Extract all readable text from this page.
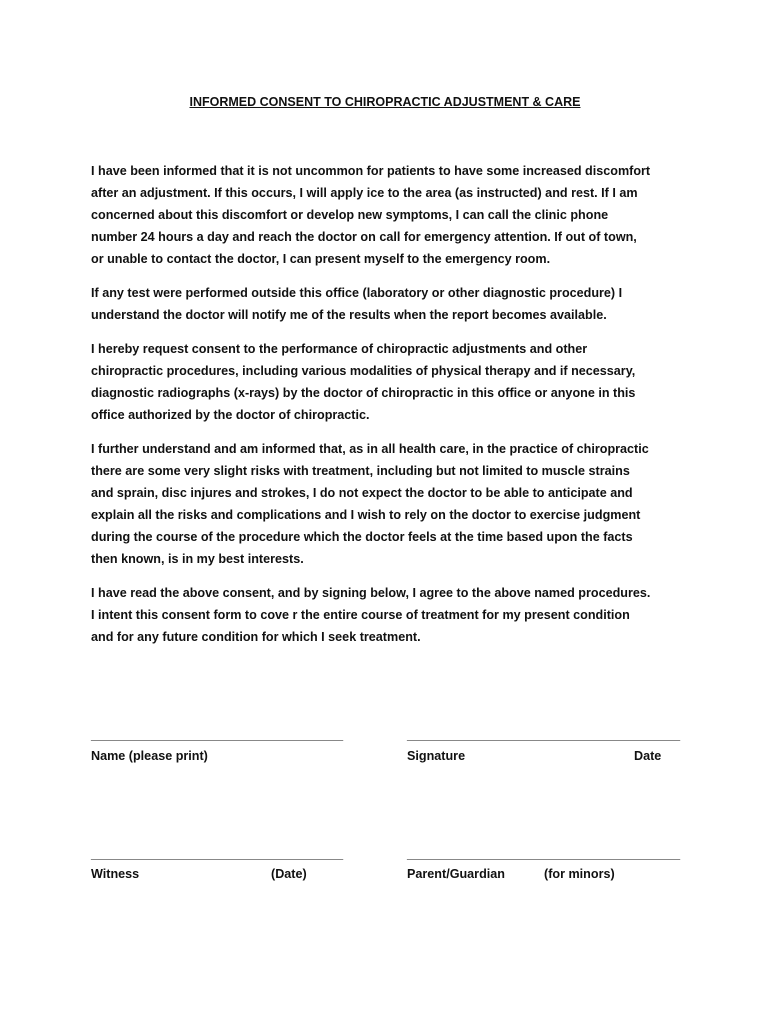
INFORMED CONSENT TO CHIROPRACTIC ADJUSTMENT & CARE

I have been informed that it is not uncommon for patients to have some increased discomfort
after an adjustment. If this occurs, I will apply ice to the area (as instructed) and rest. If I am
concerned about this discomfort or develop new symptoms, I can call the clinic phone
number 24 hours a day and reach the doctor on call for emergency attention. If out of town,
or unable to contact the doctor, I can present myself to the emergency room.

If any test were performed outside this office (laboratory or other diagnostic procedure) I
understand the doctor will notify me of the results when the report becomes available.

I hereby request consent to the performance of chiropractic adjustments and other
chiropractic procedures, including various modalities of physical therapy and if necessary,
diagnostic radiographs (x-rays) by the doctor of chiropractic in this office or anyone in this
office authorized by the doctor of chiropractic.

I further understand and am informed that, as in all health care, in the practice of chiropractic
there are some very slight risks with treatment, including but not limited to muscle strains
and sprain, disc injures and strokes, I do not expect the doctor to be able to anticipate and
explain all the risks and complications and I wish to rely on the doctor to exercise judgment
during the course of the procedure which the doctor feels at the time based upon the facts
then known, is in my best interests.

I have read the above consent, and by signing below, I agree to the above named procedures.
I intent this consent form to cove r the entire course of treatment for my present condition
and for any future condition for which I seek treatment.

____________________________________	_______________________________________
Name (please print)	Signature	Date
____________________________________	_______________________________________
Witness	(Date)	Parent/Guardian	(for minors)
